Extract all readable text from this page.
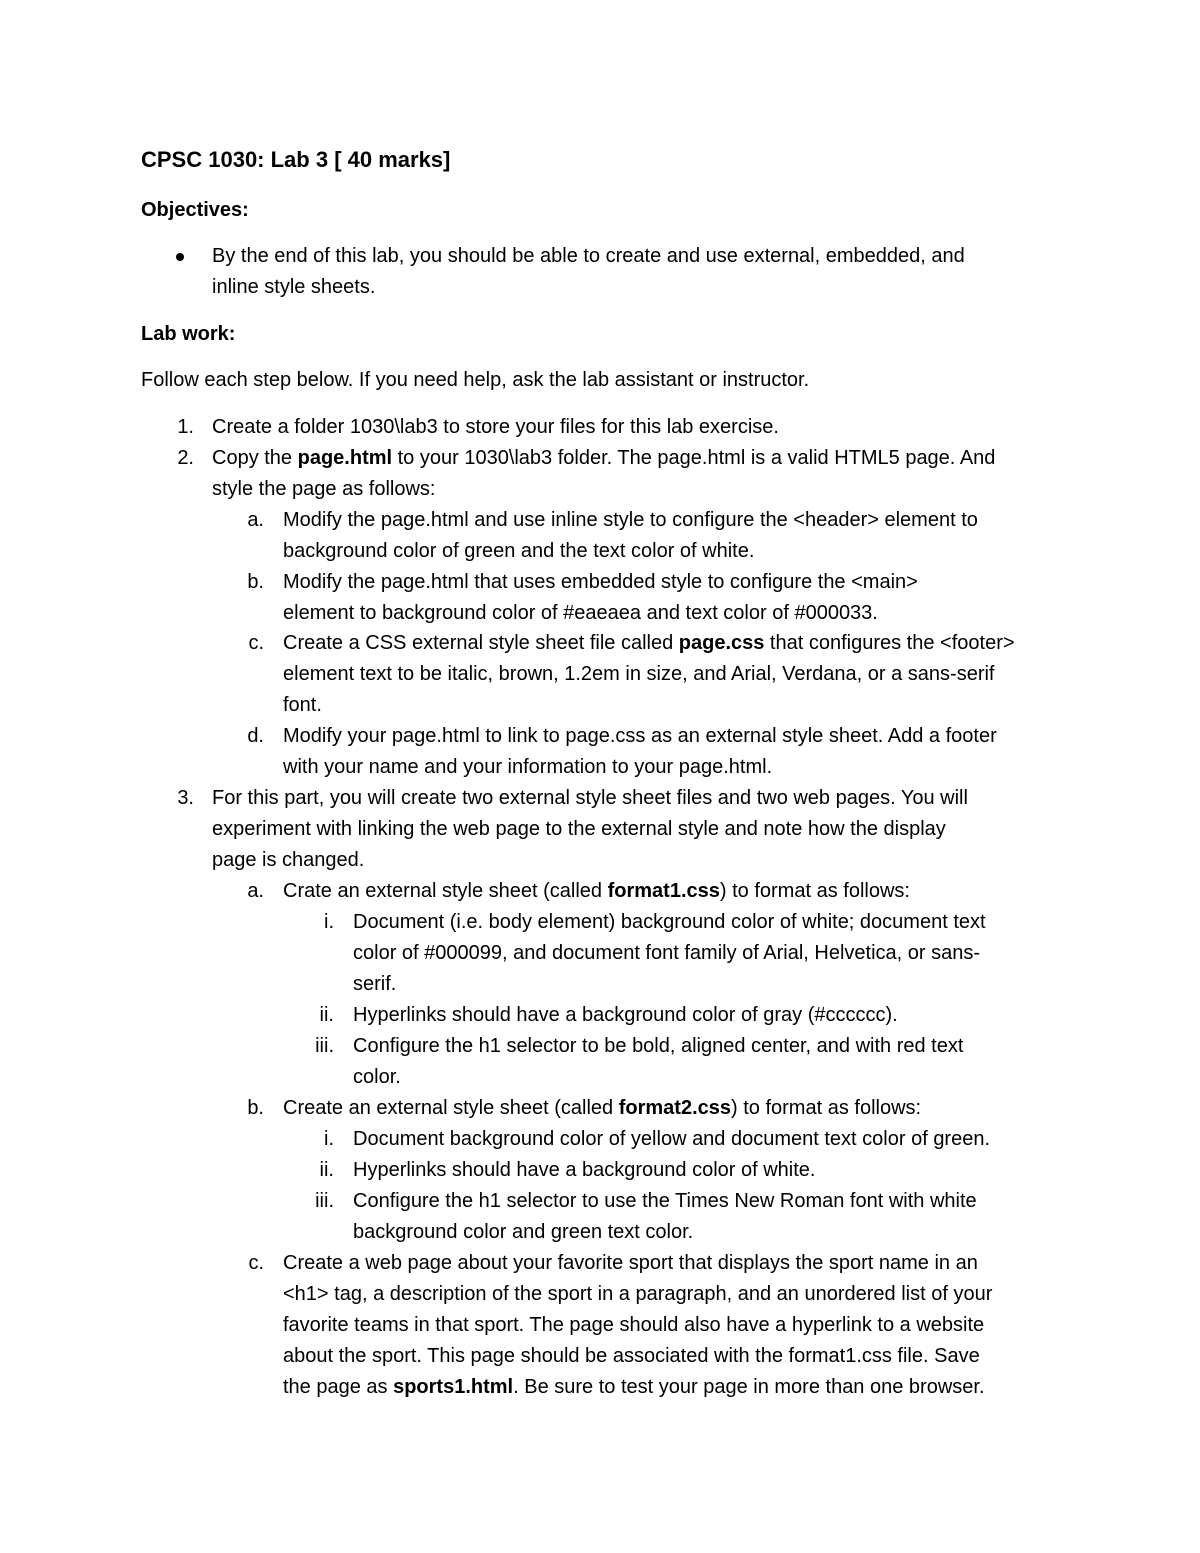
CPSC 1030: Lab 3 [ 40 marks]
Objectives:
By the end of this lab, you should be able to create and use external, embedded, and
inline style sheets.
Lab work:
Follow each step below. If you need help, ask the lab assistant or instructor.
1. Create a folder 1030\lab3 to store your files for this lab exercise.
2. Copy the page.html to your 1030\lab3 folder. The page.html is a valid HTML5 page. And
style the page as follows:
a. Modify the page.html and use inline style to configure the <header> element to
background color of green and the text color of white.
b. Modify the page.html that uses embedded style to configure the <main>
element to background color of #eaeaea and text color of #000033.
c. Create a CSS external style sheet file called page.css that configures the <footer>
element text to be italic, brown, 1.2em in size, and Arial, Verdana, or a sans-serif
font.
d. Modify your page.html to link to page.css as an external style sheet. Add a footer
with your name and your information to your page.html.
3. For this part, you will create two external style sheet files and two web pages. You will
experiment with linking the web page to the external style and note how the display
page is changed.
a. Crate an external style sheet (called format1.css) to format as follows:
i. Document (i.e. body element) background color of white; document text
color of #000099, and document font family of Arial, Helvetica, or sans-
serif.
ii. Hyperlinks should have a background color of gray (#cccccc).
iii. Configure the h1 selector to be bold, aligned center, and with red text
color.
b. Create an external style sheet (called format2.css) to format as follows:
i. Document background color of yellow and document text color of green.
ii. Hyperlinks should have a background color of white.
iii. Configure the h1 selector to use the Times New Roman font with white
background color and green text color.
c. Create a web page about your favorite sport that displays the sport name in an
<h1> tag, a description of the sport in a paragraph, and an unordered list of your
favorite teams in that sport. The page should also have a hyperlink to a website
about the sport. This page should be associated with the format1.css file. Save
the page as sports1.html. Be sure to test your page in more than one browser.
